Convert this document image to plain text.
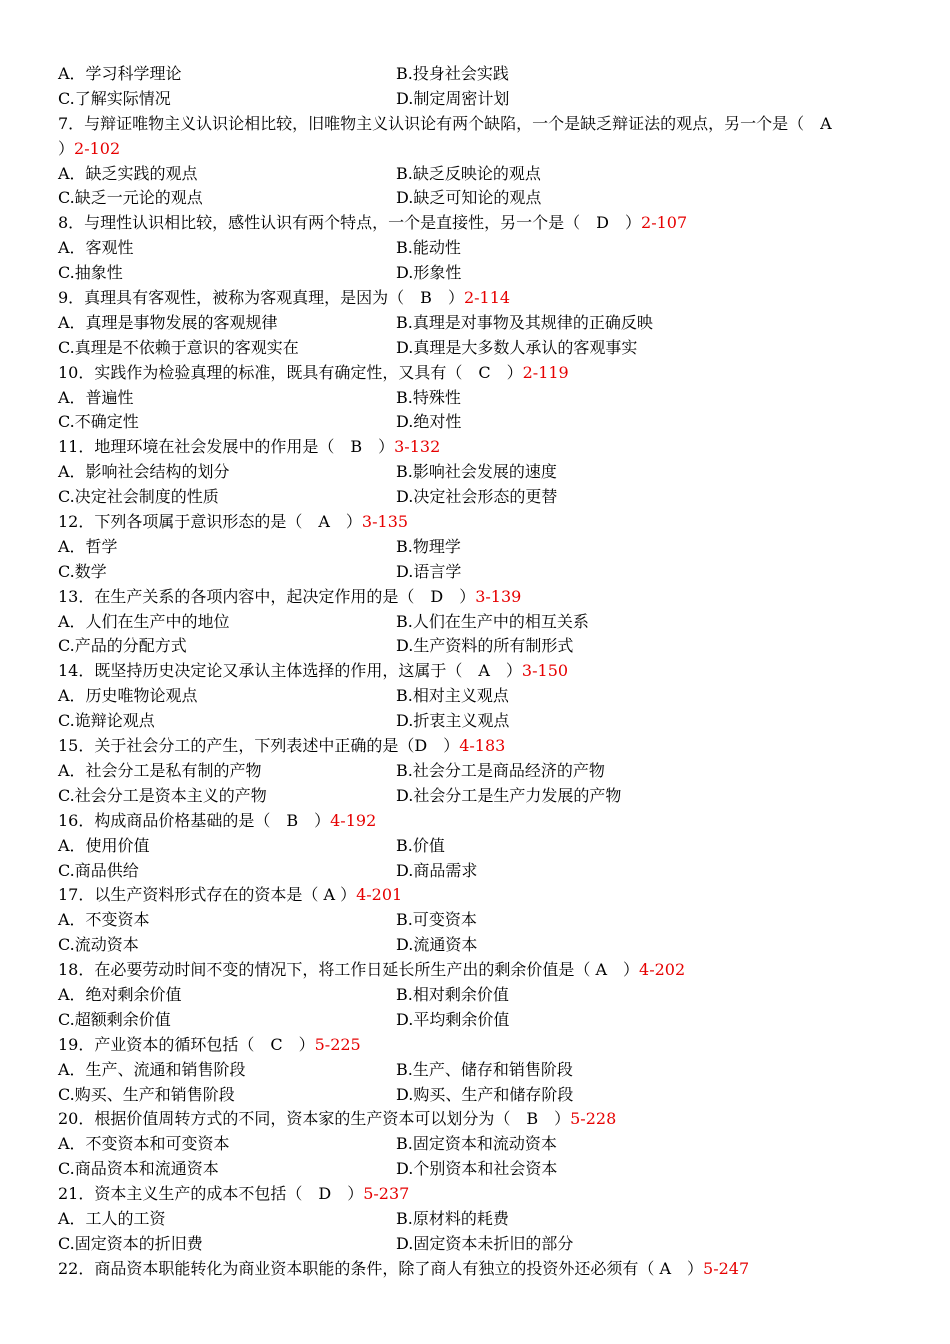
A．学习科学理论	B.投身社会实践
C.了解实际情况	D.制定周密计划
7．与辩证唯物主义认识论相比较，旧唯物主义认识论有两个缺陷，一个是缺乏辩证法的观点，另一个是（　A
）2-102
A．缺乏实践的观点	B.缺乏反映论的观点
C.缺乏一元论的观点	D.缺乏可知论的观点
8．与理性认识相比较，感性认识有两个特点，一个是直接性，另一个是（　D　）2-107
A．客观性	B.能动性
C.抽象性	D.形象性
9．真理具有客观性，被称为客观真理，是因为（　B　）2-114
A．真理是事物发展的客观规律	B.真理是对事物及其规律的正确反映
C.真理是不依赖于意识的客观实在	D.真理是大多数人承认的客观事实
10．实践作为检验真理的标准，既具有确定性，又具有（　C　）2-119
A．普遍性	B.特殊性
C.不确定性	D.绝对性
11．地理环境在社会发展中的作用是（　B　）3-132
A．影响社会结构的划分	B.影响社会发展的速度
C.决定社会制度的性质	D.决定社会形态的更替
12．下列各项属于意识形态的是（　A　）3-135
A．哲学	B.物理学
C.数学	D.语言学
13．在生产关系的各项内容中，起决定作用的是（　D　）3-139
A．人们在生产中的地位	B.人们在生产中的相互关系
C.产品的分配方式	D.生产资料的所有制形式
14．既坚持历史决定论又承认主体选择的作用，这属于（　A　）3-150
A．历史唯物论观点	B.相对主义观点
C.诡辩论观点	D.折衷主义观点
15．关于社会分工的产生，下列表述中正确的是（D　）4-183
A．社会分工是私有制的产物	B.社会分工是商品经济的产物
C.社会分工是资本主义的产物	D.社会分工是生产力发展的产物
16．构成商品价格基础的是（　B　）4-192
A．使用价值	B.价值
C.商品供给	D.商品需求
17．以生产资料形式存在的资本是（ A ）4-201
A．不变资本	B.可变资本
C.流动资本	D.流通资本
18．在必要劳动时间不变的情况下，将工作日延长所生产出的剩余价值是（ A　）4-202
A．绝对剩余价值	B.相对剩余价值
C.超额剩余价值	D.平均剩余价值
19．产业资本的循环包括（　C　）5-225
A．生产、流通和销售阶段	B.生产、储存和销售阶段
C.购买、生产和销售阶段	D.购买、生产和储存阶段
20．根据价值周转方式的不同，资本家的生产资本可以划分为（　B　）5-228
A．不变资本和可变资本	B.固定资本和流动资本
C.商品资本和流通资本	D.个别资本和社会资本
21．资本主义生产的成本不包括（　D　）5-237
A．工人的工资	B.原材料的耗费
C.固定资本的折旧费	D.固定资本未折旧的部分
22．商品资本职能转化为商业资本职能的条件，除了商人有独立的投资外还必须有（ A　）5-247
